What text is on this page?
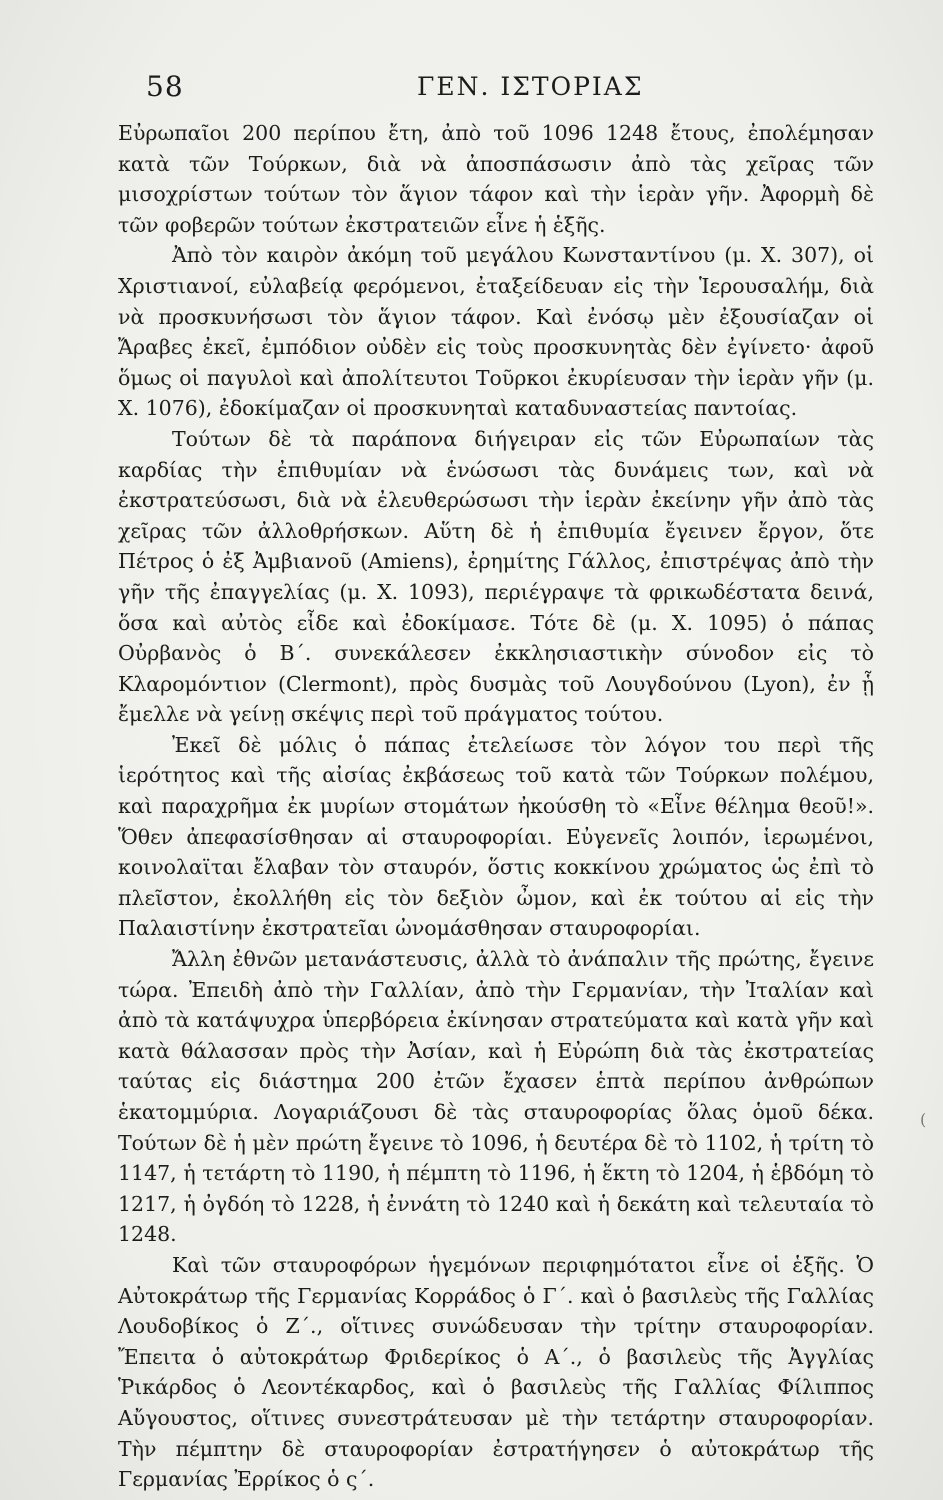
58	ΓΕΝ. ΙΣΤΟΡΙΑΣ

Εὐρωπαῖοι 200 περίπου ἔτη, ἀπὸ τοῦ 1096 1248 ἔτους, ἐπολέμησαν κατὰ τῶν Τούρκων, διὰ νὰ ἀποσπάσωσιν ἀπὸ τὰς χεῖρας τῶν μισοχρίστων τούτων τὸν ἅγιον τάφον καὶ τὴν ἱερὰν γῆν. Ἀφορμὴ δὲ τῶν φοβερῶν τούτων ἐκστρατειῶν εἶνε ἡ ἑξῆς.

Ἀπὸ τὸν καιρὸν ἀκόμη τοῦ μεγάλου Κωνσταντίνου (μ. Χ. 307), οἱ Χριστιανοί, εὐλαβείᾳ φερόμενοι, ἐταξείδευαν εἰς τὴν Ἱερουσαλήμ, διὰ νὰ προσκυνήσωσι τὸν ἅγιον τάφον. Καὶ ἐνόσῳ μὲν ἐξουσίαζαν οἱ Ἄραβες ἐκεῖ, ἐμπόδιον οὐδὲν εἰς τοὺς προσκυνητὰς δὲν ἐγίνετο· ἀφοῦ ὅμως οἱ παγυλοὶ καὶ ἀπολίτευτοι Τοῦρκοι ἐκυρίευσαν τὴν ἱερὰν γῆν (μ. Χ. 1076), ἐδοκίμαζαν οἱ προσκυνηταὶ καταδυναστείας παντοίας.

Τούτων δὲ τὰ παράπονα διήγειραν εἰς τῶν Εὐρωπαίων τὰς καρδίας τὴν ἐπιθυμίαν νὰ ἑνώσωσι τὰς δυνάμεις των, καὶ νὰ ἐκστρατεύσωσι, διὰ νὰ ἐλευθερώσωσι τὴν ἱερὰν ἐκείνην γῆν ἀπὸ τὰς χεῖρας τῶν ἀλλοθρήσκων. Αὕτη δὲ ἡ ἐπιθυμία ἔγεινεν ἔργον, ὅτε Πέτρος ὁ ἐξ Ἀμβιανοῦ (Amiens), ἐρημίτης Γάλλος, ἐπιστρέψας ἀπὸ τὴν γῆν τῆς ἐπαγγελίας (μ. Χ. 1093), περιέγραψε τὰ φρικωδέστατα δεινά, ὅσα καὶ αὐτὸς εἶδε καὶ ἐδοκίμασε. Τότε δὲ (μ. Χ. 1095) ὁ πάπας Οὐρβανὸς ὁ Β΄. συνεκάλεσεν ἐκκλησιαστικὴν σύνοδον εἰς τὸ Κλαρομόντιον (Clermont), πρὸς δυσμὰς τοῦ Λουγδούνου (Lyon), ἐν ᾗ ἔμελλε νὰ γείνῃ σκέψις περὶ τοῦ πράγματος τούτου.

Ἐκεῖ δὲ μόλις ὁ πάπας ἐτελείωσε τὸν λόγον του περὶ τῆς ἱερότητος καὶ τῆς αἰσίας ἐκβάσεως τοῦ κατὰ τῶν Τούρκων πολέμου, καὶ παραχρῆμα ἐκ μυρίων στομάτων ἠκούσθη τὸ «Εἶνε θέλημα θεοῦ!». Ὅθεν ἀπεφασίσθησαν αἱ σταυροφορίαι. Εὐγενεῖς λοιπόν, ἱερωμένοι, κοινολαϊται ἔλαβαν τὸν σταυρόν, ὅστις κοκκίνου χρώματος ὡς ἐπὶ τὸ πλεῖστον, ἐκολλήθη εἰς τὸν δεξιὸν ὦμον, καὶ ἐκ τούτου αἱ εἰς τὴν Παλαιστίνην ἐκστρατεῖαι ὠνομάσθησαν σταυροφορίαι.

Ἄλλη ἐθνῶν μετανάστευσις, ἀλλὰ τὸ ἀνάπαλιν τῆς πρώτης, ἔγεινε τώρα. Ἐπειδὴ ἀπὸ τὴν Γαλλίαν, ἀπὸ τὴν Γερμανίαν, τὴν Ἰταλίαν καὶ ἀπὸ τὰ κατάψυχρα ὑπερβόρεια ἐκίνησαν στρατεύματα καὶ κατὰ γῆν καὶ κατὰ θάλασσαν πρὸς τὴν Ἀσίαν, καὶ ἡ Εὐρώπη διὰ τὰς ἐκστρατείας ταύτας εἰς διάστημα 200 ἐτῶν ἔχασεν ἑπτὰ περίπου ἀνθρώπων ἑκατομμύρια. Λογαριάζουσι δὲ τὰς σταυροφορίας ὅλας ὁμοῦ δέκα. Τούτων δὲ ἡ μὲν πρώτη ἔγεινε τὸ 1096, ἡ δευτέρα δὲ τὸ 1102, ἡ τρίτη τὸ 1147, ἡ τετάρτη τὸ 1190, ἡ πέμπτη τὸ 1196, ἡ ἕκτη τὸ 1204, ἡ ἑβδόμη τὸ 1217, ἡ ὀγδόη τὸ 1228, ἡ ἐννάτη τὸ 1240 καὶ ἡ δεκάτη καὶ τελευταία τὸ 1248.

Καὶ τῶν σταυροφόρων ἡγεμόνων περιφημότατοι εἶνε οἱ ἑξῆς. Ὁ Αὐτοκράτωρ τῆς Γερμανίας Κορράδος ὁ Γ΄. καὶ ὁ βασιλεὺς τῆς Γαλλίας Λουδοβίκος ὁ Ζ΄., οἵτινες συνώδευσαν τὴν τρίτην σταυροφορίαν. Ἔπειτα ὁ αὐτοκράτωρ Φριδερίκος ὁ Α΄., ὁ βασιλεὺς τῆς Ἀγγλίας Ῥικάρδος ὁ Λεοντέκαρδος, καὶ ὁ βασιλεὺς τῆς Γαλλίας Φίλιππος Αὔγουστος, οἵτινες συνεστράτευσαν μὲ τὴν τετάρτην σταυροφορίαν. Τὴν πέμπτην δὲ σταυροφορίαν ἐστρατήγησεν ὁ αὐτοκράτωρ τῆς Γερμανίας Ἐρρίκος ὁ ς΄.

(
